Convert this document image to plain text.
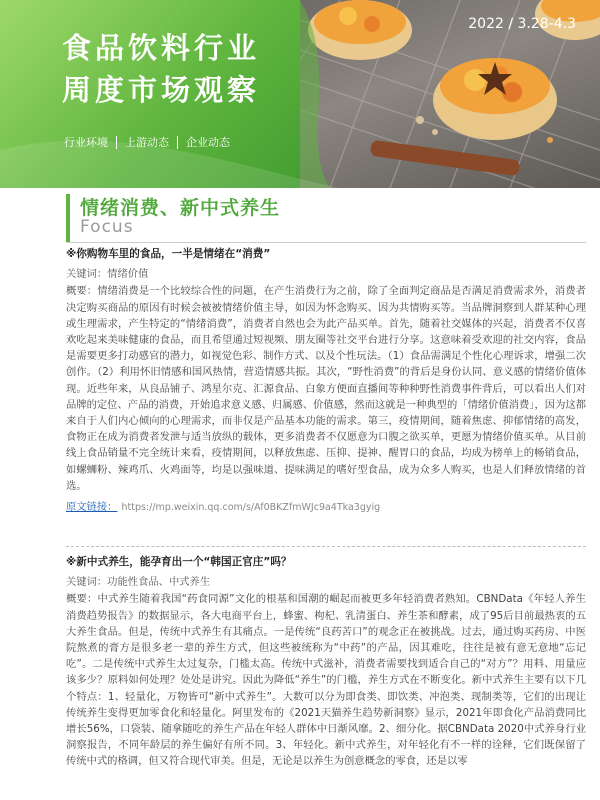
食品饮料行业
周度市场观察
2022 / 3.28-4.3
行业环境 上游动态 企业动态
情绪消费、新中式养生
Focus
※你购物车里的食品，一半是情绪在“消费”
关键词：情绪价值
概要：情绪消费是一个比较综合性的问题，在产生消费行为之前，除了全面判定商品是否满足消费需求外，消费者决定购买商品的原因有时候会被被情绪价值主导，如因为怀念购买、因为共情购买等。当品牌洞察到人群某种心理或生理需求，产生特定的“情绪消费”，消费者自然也会为此产品买单。首先，随着社交媒体的兴起，消费者不仅喜欢吃起来美味健康的食品，而且希望通过短视频、朋友圈等社交平台进行分享。这意味着受欢迎的社交内容，食品是需要更多打动感官的潜力，如视觉色彩、制作方式、以及个性玩法。（1）食品需满足个性化心理诉求，增强二次创作。（2）利用怀旧情感和国风热情，营造情感共振。其次，“野性消费”的背后是身份认同、意义感的情绪价值体现。近些年来，从良品铺子、鸿星尔克、汇源食品、白象方便面直播间等种种野性消费事件背后，可以看出人们对品牌的定位、产品的消费，开始追求意义感、归属感、价值感，然而这就是一种典型的「情绪价值消费」，因为这都来自于人们内心倾向的心理需求，而非仅是产品基本功能的需求。第三，疫情期间，随着焦虑、抑郁情绪的高发，食物正在成为消费者发泄与适当放纵的载体，更多消费者不仅愿意为口腹之欲买单，更愿为情绪价值买单。从目前线上食品销量不完全统计来看，疫情期间，以释放焦虑、压抑、提神、醒胃口的食品，均成为榜单上的畅销食品，如螺蛳粉、辣鸡爪、火鸡面等，均是以强味道、提味满足的嗜好型食品，成为众多人购买，也是人们释放情绪的首选。
原文链接： https://mp.weixin.qq.com/s/Af0BKZfmWJc9a4Tka3gyig
※新中式养生，能孕育出一个“韩国正官庄”吗？
关键词：功能性食品、中式养生
概要：中式养生随着我国“药食同源”文化的根基和国潮的崛起而被更多年轻消费者熟知。CBNData《年轻人养生消费趋势报告》的数据显示，各大电商平台上，蜂蜜、枸杞、乳清蛋白、养生茶和酵素，成了95后目前最热衷的五大养生食品。但是，传统中式养生有其痛点。一是传统“良药苦口”的观念正在被挑战。过去，通过购买药房、中医院熬煮的膏方是很多老一辈的养生方式，但这些被统称为“中药”的产品，因其难吃，往往是被有意无意地“忘记吃”。二是传统中式养生太过复杂，门槛太高。传统中式滋补，消费者需要找到适合自己的“对方”？用料、用量应该多少？原料如何处理？处处是讲究。因此为降低“养生”的门槛，养生方式在不断变化。新中式养生主要有以下几个特点：1、轻量化，万物皆可“新中式养生”。大数可以分为即食类、即饮类、冲泡类、现制类等，它们的出现让传统养生变得更加零食化和轻量化。阿里发布的《2021天猫养生趋势新洞察》显示，2021年即食化产品消费同比增长56%，口袋装、随拿随吃的养生产品在年轻人群体中日渐风靡。2、细分化。据CBNData 2020中式养身行业洞察报告，不同年龄层的养生偏好有所不同。3、年轻化。新中式养生，对年轻化有不一样的诠释，它们既保留了传统中式的格调，但又符合现代审美。但是，无论是以养生为创意概念的零食，还是以零
